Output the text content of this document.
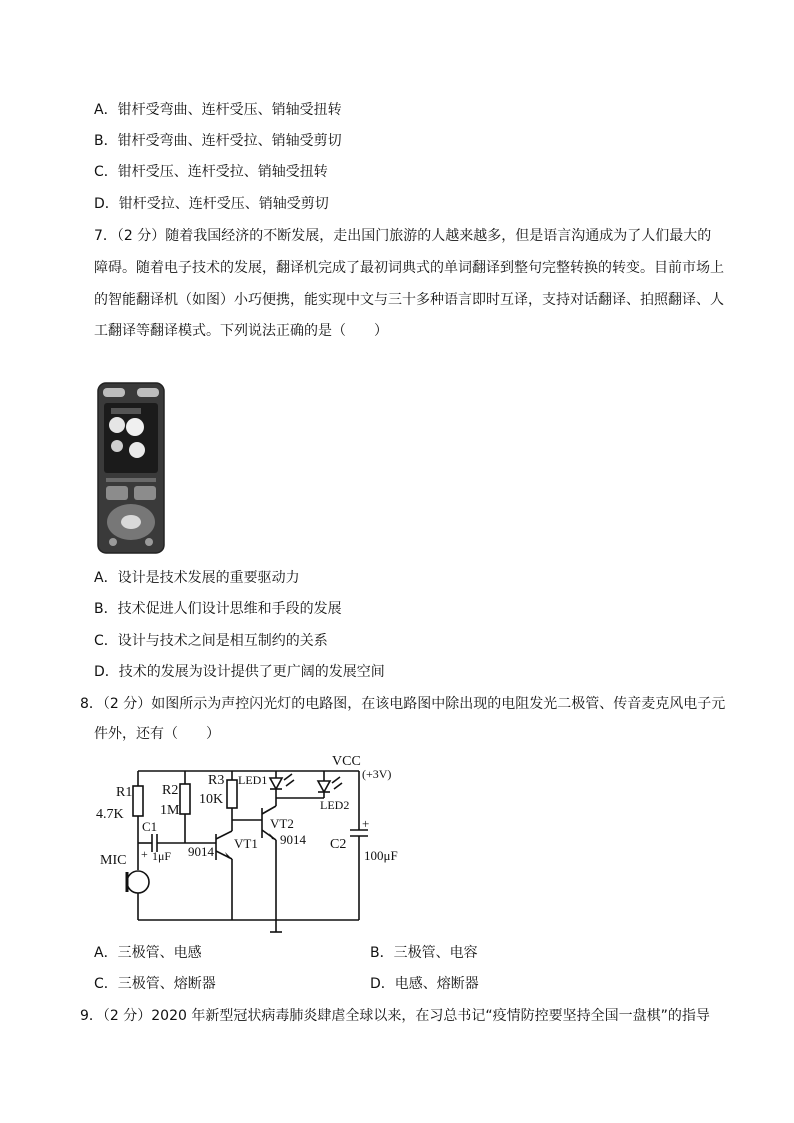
A．钳杆受弯曲、连杆受压、销轴受扭转
B．钳杆受弯曲、连杆受拉、销轴受剪切
C．钳杆受压、连杆受拉、销轴受扭转
D．钳杆受拉、连杆受压、销轴受剪切
7．（2 分）随着我国经济的不断发展，走出国门旅游的人越来越多，但是语言沟通成为了人们最大的
障碍。随着电子技术的发展，翻译机完成了最初词典式的单词翻译到整句完整转换的转变。目前市场上
的智能翻译机（如图）小巧便携，能实现中文与三十多种语言即时互译，支持对话翻译、拍照翻译、人
工翻译等翻译模式。下列说法正确的是（　　）
A．设计是技术发展的重要驱动力
B．技术促进人们设计思维和手段的发展
C．设计与技术之间是相互制约的关系
D．技术的发展为设计提供了更广阔的发展空间
8．（2 分）如图所示为声控闪光灯的电路图，在该电路图中除出现的电阻发光二极管、传音麦克风电子元
件外，还有（　　）
R1
4.7K
R2
1M
R3
10K
C1
+ 1μF
MIC
LED1
LED2
9014
VT1
VT2
9014
VCC
(+3V)
C2
+
100μF
A．三极管、电感	B．三极管、电容
C．三极管、熔断器	D．电感、熔断器
9．（2 分）2020 年新型冠状病毒肺炎肆虐全球以来，在习总书记“疫情防控要坚持全国一盘棋”的指导
